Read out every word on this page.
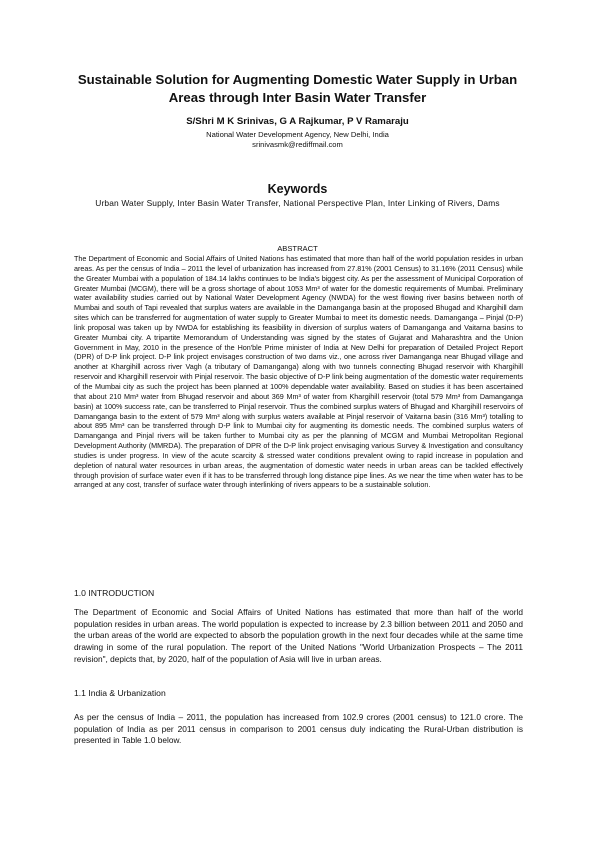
Sustainable Solution for Augmenting Domestic Water Supply in Urban Areas through Inter Basin Water Transfer
S/Shri M K Srinivas, G A Rajkumar, P V Ramaraju
National Water Development Agency, New Delhi, India
srinivasmk@rediffmail.com
Keywords
Urban Water Supply, Inter Basin Water Transfer, National Perspective Plan, Inter Linking of Rivers, Dams
ABSTRACT

The Department of Economic and Social Affairs of United Nations has estimated that more than half of the world population resides in urban areas. As per the census of India – 2011 the level of urbanization has increased from 27.81% (2001 Census) to 31.16% (2011 Census) while the Greater Mumbai with a population of 184.14 lakhs continues to be India's biggest city. As per the assessment of Municipal Corporation of Greater Mumbai (MCGM), there will be a gross shortage of about 1053 Mm³ of water for the domestic requirements of Mumbai. Preliminary water availability studies carried out by National Water Development Agency (NWDA) for the west flowing river basins between north of Mumbai and south of Tapi revealed that surplus waters are available in the Damanganga basin at the proposed Bhugad and Khargihill dam sites which can be transferred for augmentation of water supply to Greater Mumbai to meet its domestic needs. Damanganga – Pinjal (D-P) link proposal was taken up by NWDA for establishing its feasibility in diversion of surplus waters of Damanganga and Vaitarna basins to Greater Mumbai city. A tripartite Memorandum of Understanding was signed by the states of Gujarat and Maharashtra and the Union Government in May, 2010 in the presence of the Hon'ble Prime minister of India at New Delhi for preparation of Detailed Project Report (DPR) of D-P link project. D-P link project envisages construction of two dams viz., one across river Damanganga near Bhugad village and another at Khargihill across river Vagh (a tributary of Damanganga) along with two tunnels connecting Bhugad reservoir with Khargihill reservoir and Khargihill reservoir with Pinjal reservoir. The basic objective of D-P link being augmentation of the domestic water requirements of the Mumbai city as such the project has been planned at 100% dependable water availability. Based on studies it has been ascertained that about 210 Mm³ water from Bhugad reservoir and about 369 Mm³ of water from Khargihill reservoir (total 579 Mm³ from Damanganga basin) at 100% success rate, can be transferred to Pinjal reservoir. Thus the combined surplus waters of Bhugad and Khargihill reservoirs of Damanganga basin to the extent of 579 Mm³ along with surplus waters available at Pinjal reservoir of Vaitarna basin (316 Mm³) totalling to about 895 Mm³ can be transferred through D-P link to Mumbai city for augmenting its domestic needs. The combined surplus waters of Damanganga and Pinjal rivers will be taken further to Mumbai city as per the planning of MCGM and Mumbai Metropolitan Regional Development Authority (MMRDA). The preparation of DPR of the D-P link project envisaging various Survey & Investigation and consultancy studies is under progress. In view of the acute scarcity & stressed water conditions prevalent owing to rapid increase in population and depletion of natural water resources in urban areas, the augmentation of domestic water needs in urban areas can be tackled effectively through provision of surface water even if it has to be transferred through long distance pipe lines. As we near the time when water has to be arranged at any cost, transfer of surface water through interlinking of rivers appears to be a sustainable solution.

1.0 INTRODUCTION

The Department of Economic and Social Affairs of United Nations has estimated that more than half of the world population resides in urban areas. The world population is expected to increase by 2.3 billion between 2011 and 2050 and the urban areas of the world are expected to absorb the population growth in the next four decades while at the same time drawing in some of the rural population. The report of the United Nations "World Urbanization Prospects – The 2011 revision", depicts that, by 2020, half of the population of Asia will live in urban areas.

1.1 India & Urbanization

As per the census of India – 2011, the population has increased from 102.9 crores (2001 census) to 121.0 crore. The population of India as per 2011 census in comparison to 2001 census duly indicating the Rural-Urban distribution is presented in Table 1.0 below.
